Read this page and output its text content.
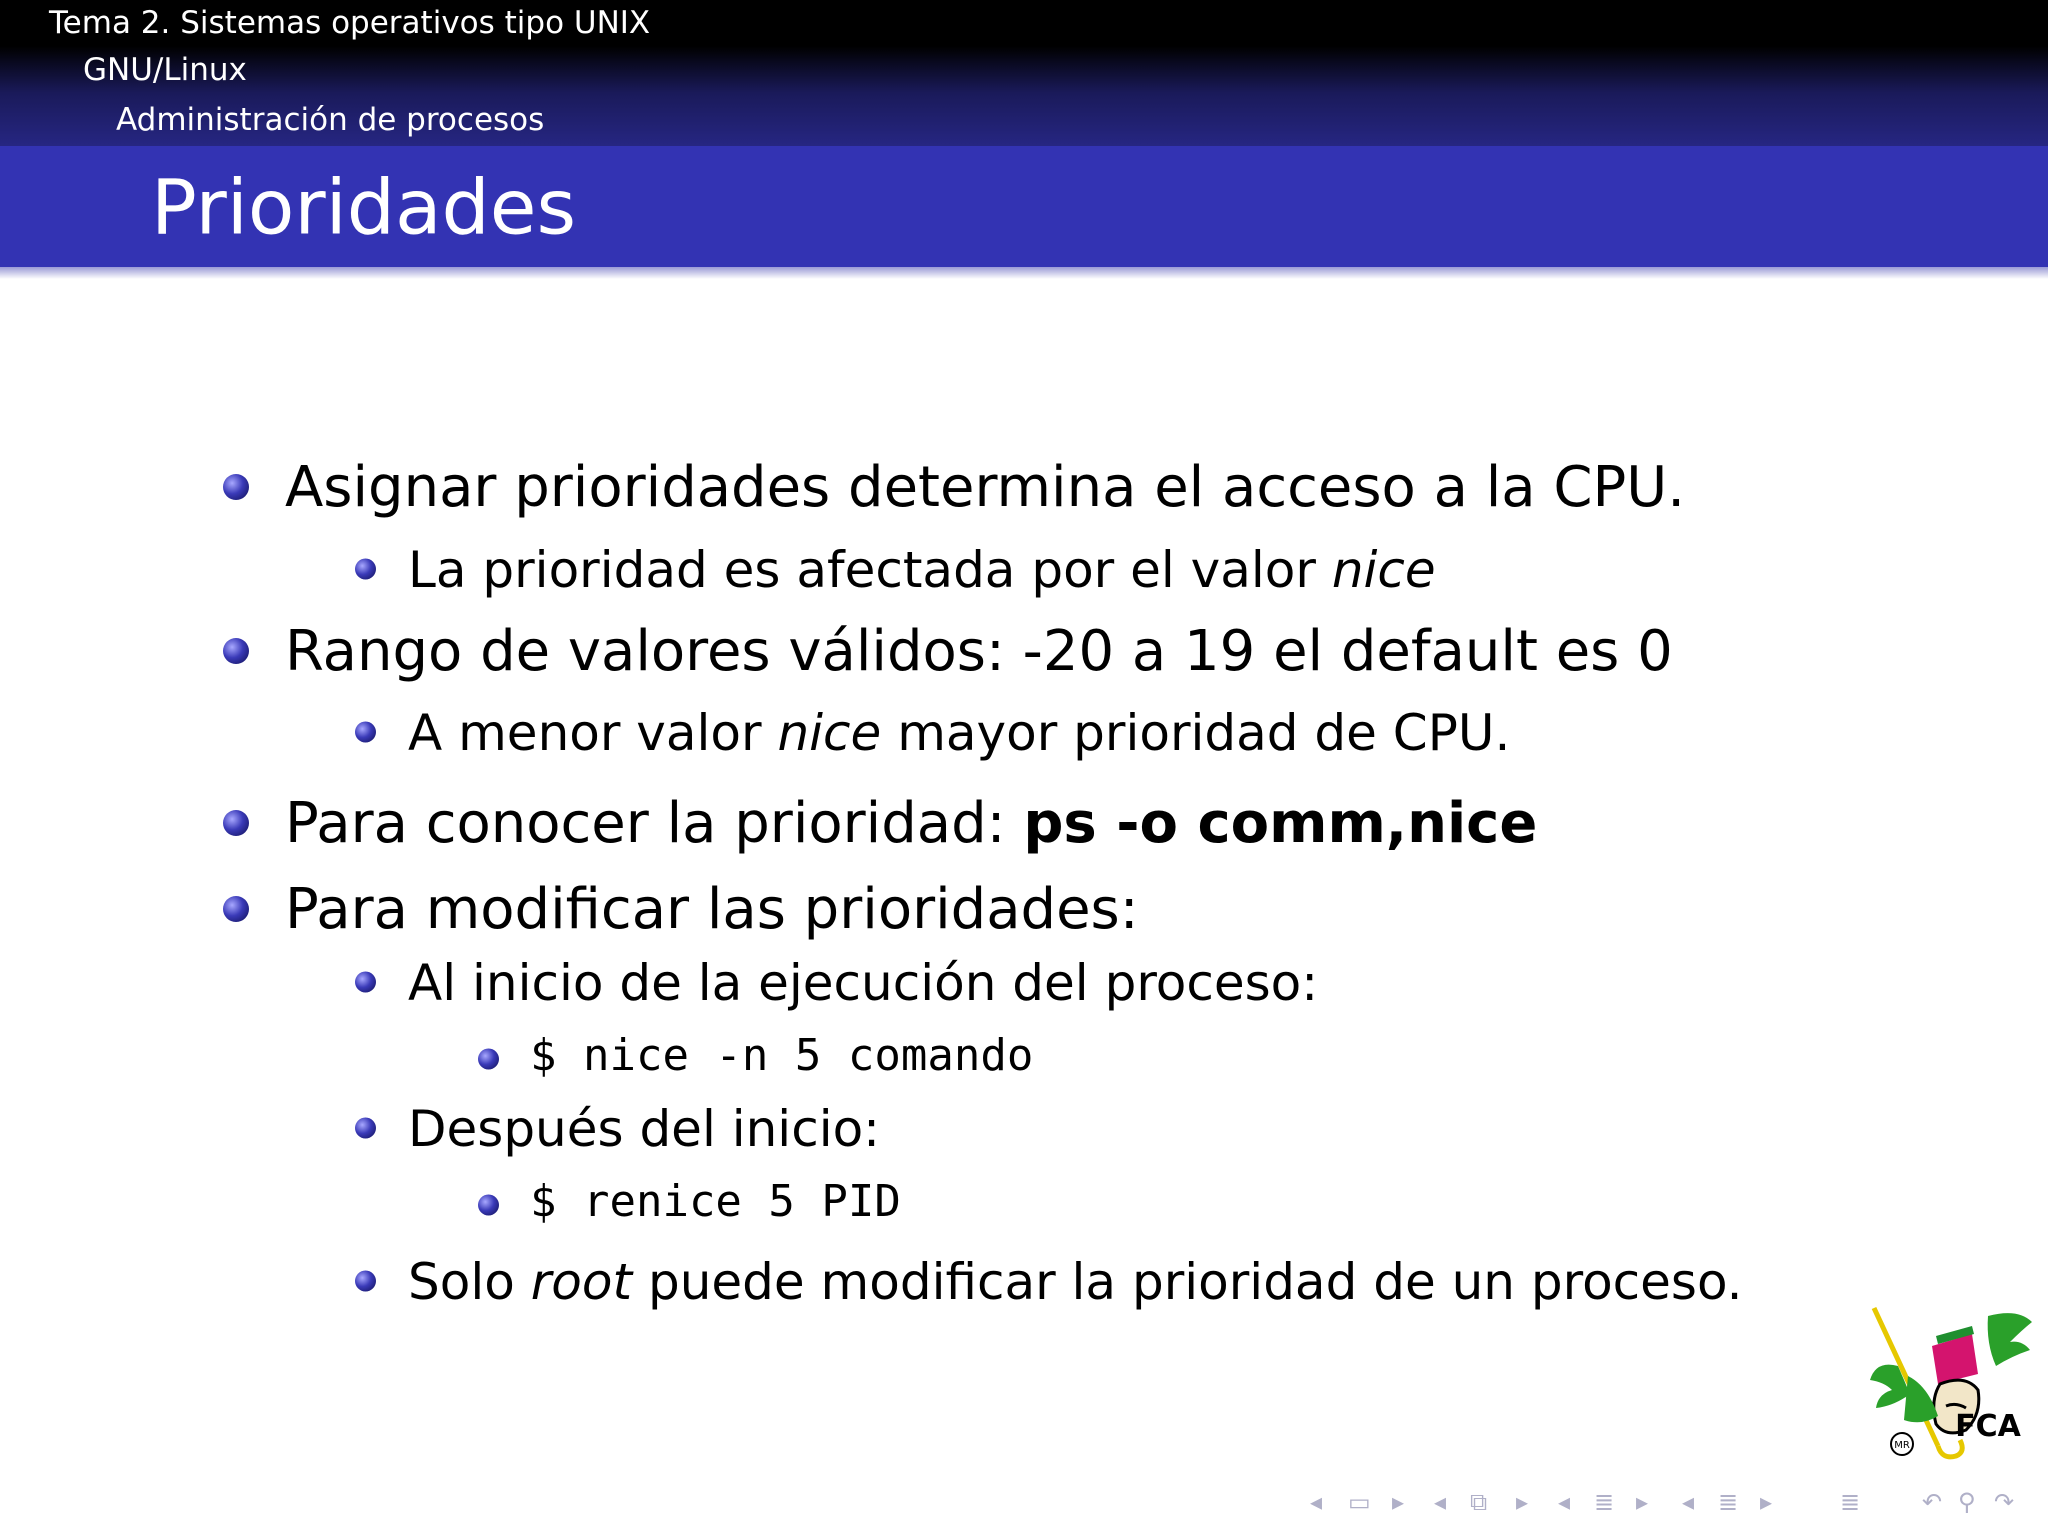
Tema 2. Sistemas operativos tipo UNIX
GNU/Linux
Administración de procesos
Prioridades
Asignar prioridades determina el acceso a la CPU.
La prioridad es afectada por el valor nice
Rango de valores válidos: -20 a 19 el default es 0
A menor valor nice mayor prioridad de CPU.
Para conocer la prioridad: ps -o comm,nice
Para modificar las prioridades:
Al inicio de la ejecución del proceso:
$ nice -n 5 comando
Después del inicio:
$ renice 5 PID
Solo root puede modificar la prioridad de un proceso.
MR
FCA
◂ ▭ ▸ ◂ ⧉ ▸ ◂ ≣ ▸ ◂ ≣ ▸	≣	↶ ⚲ ↷
